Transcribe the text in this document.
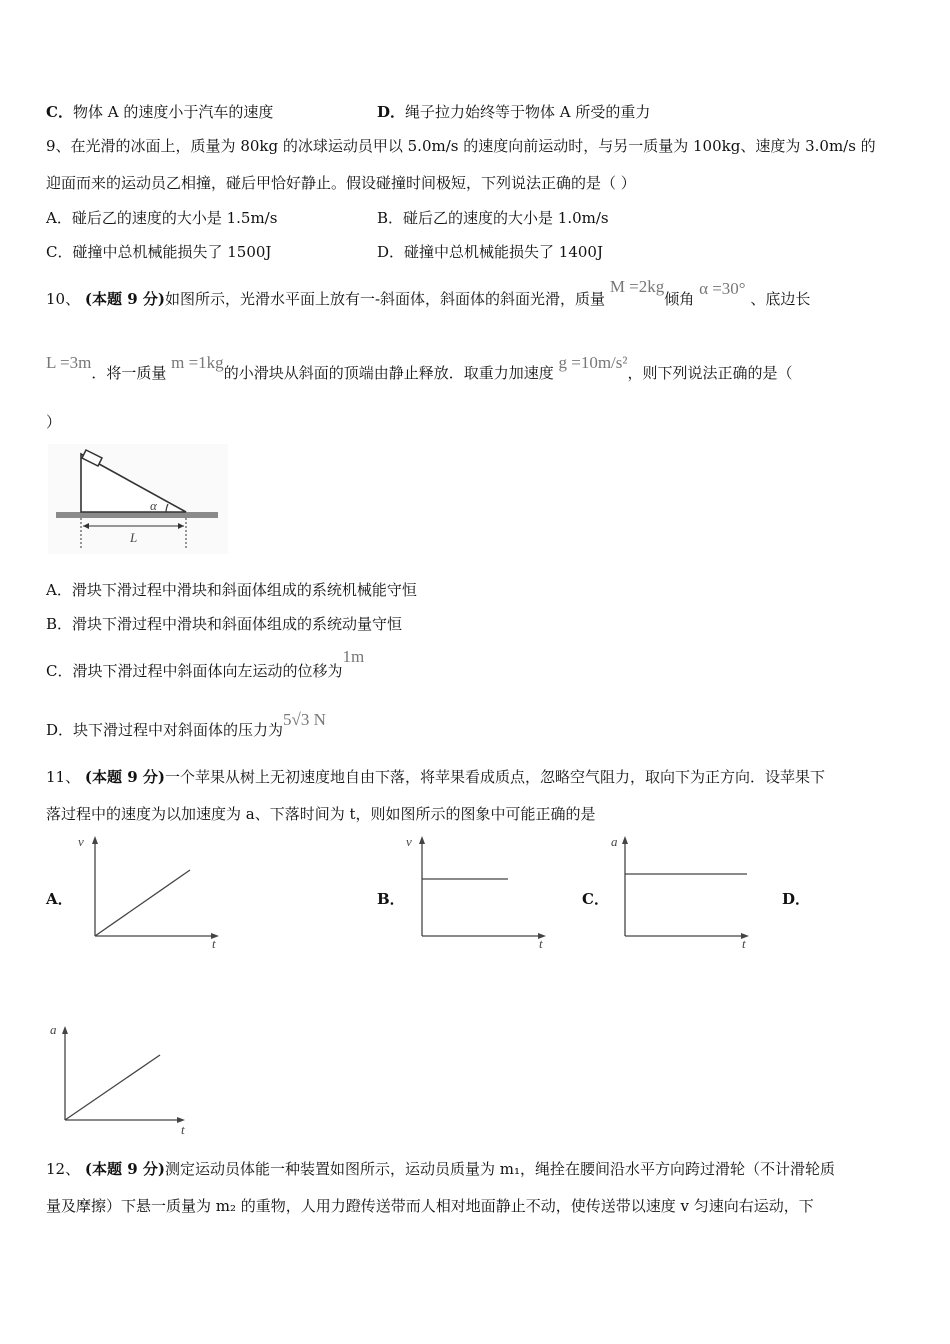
C．物体 A 的速度小于汽车的速度	D．绳子拉力始终等于物体 A 所受的重力
9、在光滑的冰面上，质量为 80kg 的冰球运动员甲以 5.0m/s 的速度向前运动时，与另一质量为 100kg、速度为 3.0m/s 的
迎面而来的运动员乙相撞，碰后甲恰好静止。假设碰撞时间极短，下列说法正确的是（ ）
A．碰后乙的速度的大小是 1.5m/s	B．碰后乙的速度的大小是 1.0m/s
C．碰撞中总机械能损失了 1500J	D．碰撞中总机械能损失了 1400J
10、 (本题 9 分)如图所示，光滑水平面上放有一-斜面体，斜面体的斜面光滑，质量 M =2kg倾角 α =30° 、底边长
L =3m．将一质量 m =1kg的小滑块从斜面的顶端由静止释放．取重力加速度 g =10m/s²，则下列说法正确的是（
）
α
L
A．滑块下滑过程中滑块和斜面体组成的系统机械能守恒
B．滑块下滑过程中滑块和斜面体组成的系统动量守恒
C．滑块下滑过程中斜面体向左运动的位移为1m
D．块下滑过程中对斜面体的压力为5√3 N
11、 (本题 9 分)一个苹果从树上无初速度地自由下落，将苹果看成质点，忽略空气阻力，取向下为正方向．设苹果下
落过程中的速度为以加速度为 a、下落时间为 t，则如图所示的图象中可能正确的是
A．	B．	C．	D．
v
t
v
t
a
t
a
t
12、 (本题 9 分)测定运动员体能一种装置如图所示，运动员质量为 m₁，绳拴在腰间沿水平方向跨过滑轮（不计滑轮质
量及摩擦）下悬一质量为 m₂ 的重物，人用力蹬传送带而人相对地面静止不动，使传送带以速度 v 匀速向右运动，下
